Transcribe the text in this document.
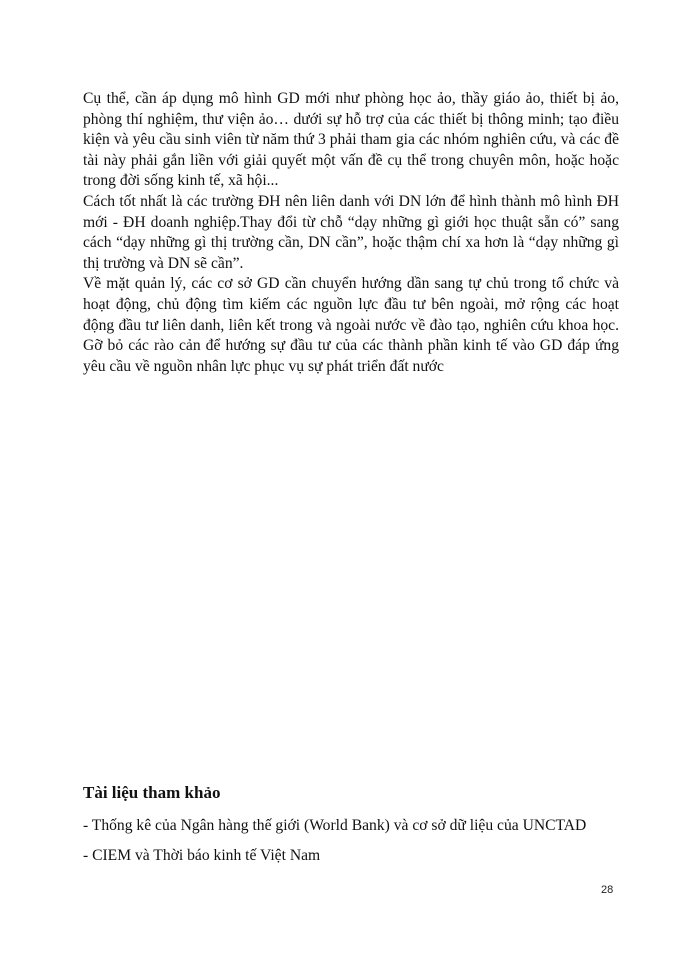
Cụ thể, cần áp dụng mô hình GD mới như phòng học ảo, thầy giáo ảo, thiết bị ảo, phòng thí nghiệm, thư viện ảo… dưới sự hỗ trợ của các thiết bị thông minh; tạo điều kiện và yêu cầu sinh viên từ năm thứ 3 phải tham gia các nhóm nghiên cứu, và các đề tài này phải gắn liền với giải quyết một vấn đề cụ thể trong chuyên môn, hoặc hoặc trong đời sống kinh tế, xã hội...

Cách tốt nhất là các trường ĐH nên liên danh với DN lớn để hình thành mô hình ĐH mới - ĐH doanh nghiệp.Thay đổi từ chỗ “dạy những gì giới học thuật sẵn có” sang cách “dạy những gì thị trường cần, DN cần”, hoặc thậm chí xa hơn là “dạy những gì thị trường và DN sẽ cần”.

Về mặt quản lý, các cơ sở GD cần chuyển hướng dần sang tự chủ trong tổ chức và hoạt động, chủ động tìm kiếm các nguồn lực đầu tư bên ngoài, mở rộng các hoạt động đầu tư liên danh, liên kết trong và ngoài nước về đào tạo, nghiên cứu khoa học. Gỡ bỏ các rào cản để hướng sự đầu tư của các thành phần kinh tế vào GD đáp ứng yêu cầu về nguồn nhân lực phục vụ sự phát triển đất nước

Tài liệu tham khảo
- Thống kê của Ngân hàng thế giới (World Bank) và cơ sở dữ liệu của UNCTAD
- CIEM và Thời báo kinh tế Việt Nam
28
